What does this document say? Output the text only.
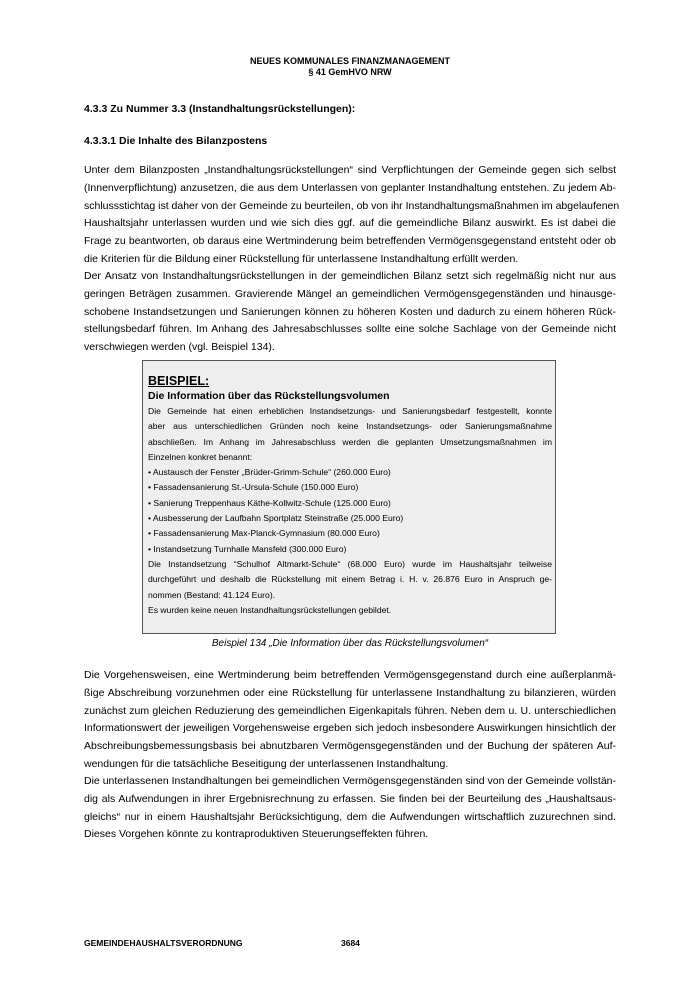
NEUES KOMMUNALES FINANZMANAGEMENT
§ 41 GemHVO NRW
4.3.3 Zu Nummer 3.3 (Instandhaltungsrückstellungen):
4.3.3.1 Die Inhalte des Bilanzpostens
Unter dem Bilanzposten „Instandhaltungsrückstellungen“ sind Verpflichtungen der Gemeinde gegen sich selbst
(Innenverpflichtung) anzusetzen, die aus dem Unterlassen von geplanter Instandhaltung entstehen. Zu jedem Ab-
schlussstichtag ist daher von der Gemeinde zu beurteilen, ob von ihr Instandhaltungsmaßnahmen im abgelaufenen
Haushaltsjahr unterlassen wurden und wie sich dies ggf. auf die gemeindliche Bilanz auswirkt. Es ist dabei die
Frage zu beantworten, ob daraus eine Wertminderung beim betreffenden Vermögensgegenstand entsteht oder ob
die Kriterien für die Bildung einer Rückstellung für unterlassene Instandhaltung erfüllt werden.
Der Ansatz von Instandhaltungsrückstellungen in der gemeindlichen Bilanz setzt sich regelmäßig nicht nur aus
geringen Beträgen zusammen. Gravierende Mängel an gemeindlichen Vermögensgegenständen und hinausge-
schobene Instandsetzungen und Sanierungen können zu höheren Kosten und dadurch zu einem höheren Rück-
stellungsbedarf führen. Im Anhang des Jahresabschlusses sollte eine solche Sachlage von der Gemeinde nicht
verschwiegen werden (vgl. Beispiel 134).
BEISPIEL:
Die Information über das Rückstellungsvolumen
Die Gemeinde hat einen erheblichen Instandsetzungs- und Sanierungsbedarf festgestellt, konnte
aber aus unterschiedlichen Gründen noch keine Instandsetzungs- oder Sanierungsmaßnahme
abschließen. Im Anhang im Jahresabschluss werden die geplanten Umsetzungsmaßnahmen im
Einzelnen konkret benannt:
• Austausch der Fenster „Brüder-Grimm-Schule“ (260.000 Euro)
• Fassadensanierung St.-Ursula-Schule (150.000 Euro)
• Sanierung Treppenhaus Käthe-Kollwitz-Schule (125.000 Euro)
• Ausbesserung der Laufbahn Sportplatz Steinstraße (25.000 Euro)
• Fassadensanierung Max-Planck-Gymnasium (80.000 Euro)
• Instandsetzung Turnhalle Mansfeld (300.000 Euro)
Die Instandsetzung “Schulhof Altmarkt-Schule“ (68.000 Euro) wurde im Haushaltsjahr teilweise
durchgeführt und deshalb die Rückstellung mit einem Betrag i. H. v. 26.876 Euro in Anspruch ge-
nommen (Bestand: 41.124 Euro).
Es wurden keine neuen Instandhaltungsrückstellungen gebildet.
Beispiel 134 „Die Information über das Rückstellungsvolumen“
Die Vorgehensweisen, eine Wertminderung beim betreffenden Vermögensgegenstand durch eine außerplanmä-
ßige Abschreibung vorzunehmen oder eine Rückstellung für unterlassene Instandhaltung zu bilanzieren, würden
zunächst zum gleichen Reduzierung des gemeindlichen Eigenkapitals führen. Neben dem u. U. unterschiedlichen
Informationswert der jeweiligen Vorgehensweise ergeben sich jedoch insbesondere Auswirkungen hinsichtlich der
Abschreibungsbemessungsbasis bei abnutzbaren Vermögensgegenständen und der Buchung der späteren Auf-
wendungen für die tatsächliche Beseitigung der unterlassenen Instandhaltung.
Die unterlassenen Instandhaltungen bei gemeindlichen Vermögensgegenständen sind von der Gemeinde vollstän-
dig als Aufwendungen in ihrer Ergebnisrechnung zu erfassen. Sie finden bei der Beurteilung des „Haushaltsaus-
gleichs“ nur in einem Haushaltsjahr Berücksichtigung, dem die Aufwendungen wirtschaftlich zuzurechnen sind.
Dieses Vorgehen könnte zu kontraproduktiven Steuerungseffekten führen.
GEMEINDEHAUSHALTSVERORDNUNG	3684
